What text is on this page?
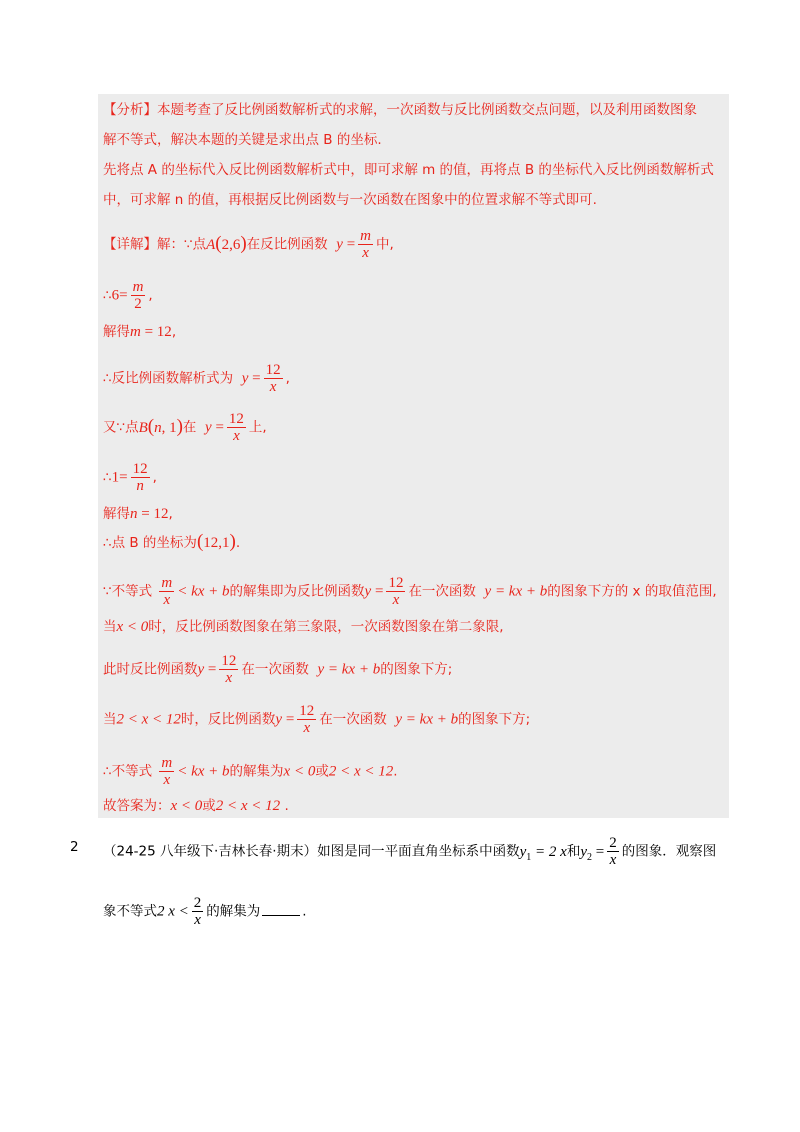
【分析】本题考查了反比例函数解析式的求解，一次函数与反比例函数交点问题，以及利用函数图象
解不等式，解决本题的关键是求出点 B 的坐标.
先将点 A 的坐标代入反比例函数解析式中，即可求解 m 的值，再将点 B 的坐标代入反比例函数解析式
中，可求解 n 的值，再根据反比例函数与一次函数在图象中的位置求解不等式即可.
【详解】解：∵点A(2,6)在反比例函数 $y = \frac{m}{x}$ 中,
∴6= $\frac{m}{2}$ ,
解得m = 12,
∴反比例函数解析式为 $y = \frac{12}{x}$ ,
又∵点B(n, 1)在 $y = \frac{12}{x}$ 上,
∴1= $\frac{12}{n}$ ,
解得n = 12,
∴点 B 的坐标为(12,1).
∵不等式 $\frac{m}{x}$ < kx + b的解集即为反比例函数$y = \frac{12}{x}$ 在一次函数 y = kx + b的图象下方的 x 的取值范围,
当x < 0时，反比例函数图象在第三象限，一次函数图象在第二象限,
此时反比例函数$y = \frac{12}{x}$ 在一次函数 y = kx + b的图象下方;
当2 < x < 12时，反比例函数$y = \frac{12}{x}$ 在一次函数 y = kx + b的图象下方;
∴不等式 $\frac{m}{x}$ < kx + b的解集为x < 0或2 < x < 12.
故答案为：x < 0或2 < x < 12 .
2 （24-25 八年级下·吉林长春·期末）如图是同一平面直角坐标系中函数$y_1 = 2$ x和$y_2 = \frac{2}{x}$ 的图象．观察图
象不等式2 $x < \frac{2}{x}$ 的解集为	.
